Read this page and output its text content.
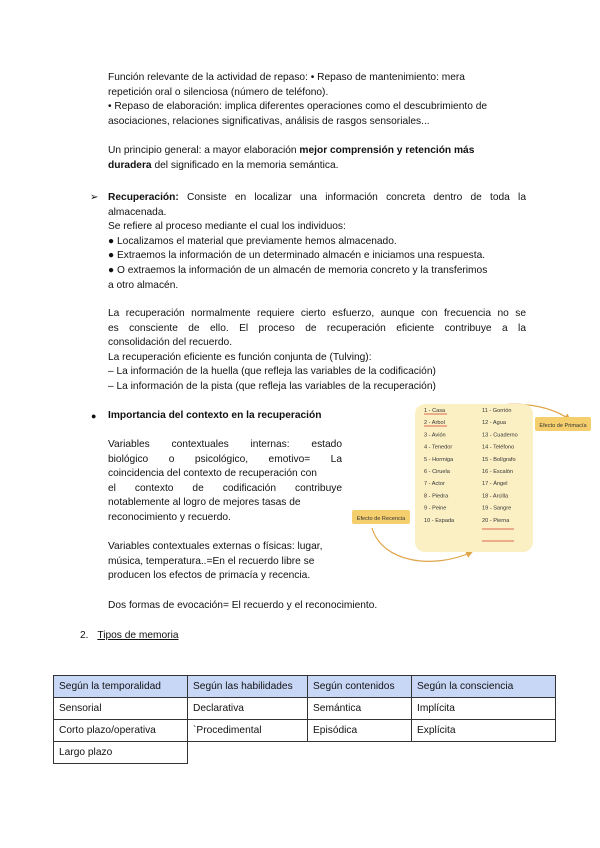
Función relevante de la actividad de repaso: • Repaso de mantenimiento: mera
repetición oral o silenciosa (número de teléfono).
• Repaso de elaboración: implica diferentes operaciones como el descubrimiento de
asociaciones, relaciones significativas, análisis de rasgos sensoriales...
Un principio general: a mayor elaboración mejor comprensión y retención más
duradera del significado en la memoria semántica.
➢ Recuperación: Consiste en localizar una información concreta dentro de toda la
almacenada.
Se refiere al proceso mediante el cual los individuos:
● Localizamos el material que previamente hemos almacenado.
● Extraemos la información de un determinado almacén e iniciamos una respuesta.
● O extraemos la información de un almacén de memoria concreto y la transferimos
a otro almacén.
La recuperación normalmente requiere cierto esfuerzo, aunque con frecuencia no se
es consciente de ello. El proceso de recuperación eficiente contribuye a la
consolidación del recuerdo.
La recuperación eficiente es función conjunta de (Tulving):
– La información de la huella (que refleja las variables de la codificación)
– La información de la pista (que refleja las variables de la recuperación)
● Importancia del contexto en la recuperación
Variables contextuales internas: estado
biológico o psicológico, emotivo= La
coincidencia del contexto de recuperación con
el contexto de codificación contribuye
notablemente al logro de mejores tasas de
reconocimiento y recuerdo.
Variables contextuales externas o físicas: lugar,
música, temperatura..=En el recuerdo libre se
producen los efectos de primacía y recencia.
Dos formas de evocación= El recuerdo y el reconocimiento.
Efecto de Primacía
Efecto de Recencia
1 - Casa
2 - Arbol
3 - Avión
4 - Tenedor
5 - Hormiga
6 - Ciruela
7 - Actor
8 - Piedra
9 - Peine
10 - Espada
11 - Gorrión
12 - Agua
13 - Cuaderno
14 - Teléfono
15 - Bolígrafo
16 - Escalón
17 - Ángel
18 - Arcilla
19 - Sangre
20 - Pierna
2. Tipos de memoria
Según la temporalidad	Según las habilidades	Según contenidos	Según la consciencia
Sensorial	Declarativa	Semántica	Implícita
Corto plazo/operativa	`Procedimental	Episódica	Explícita
Largo plazo			
